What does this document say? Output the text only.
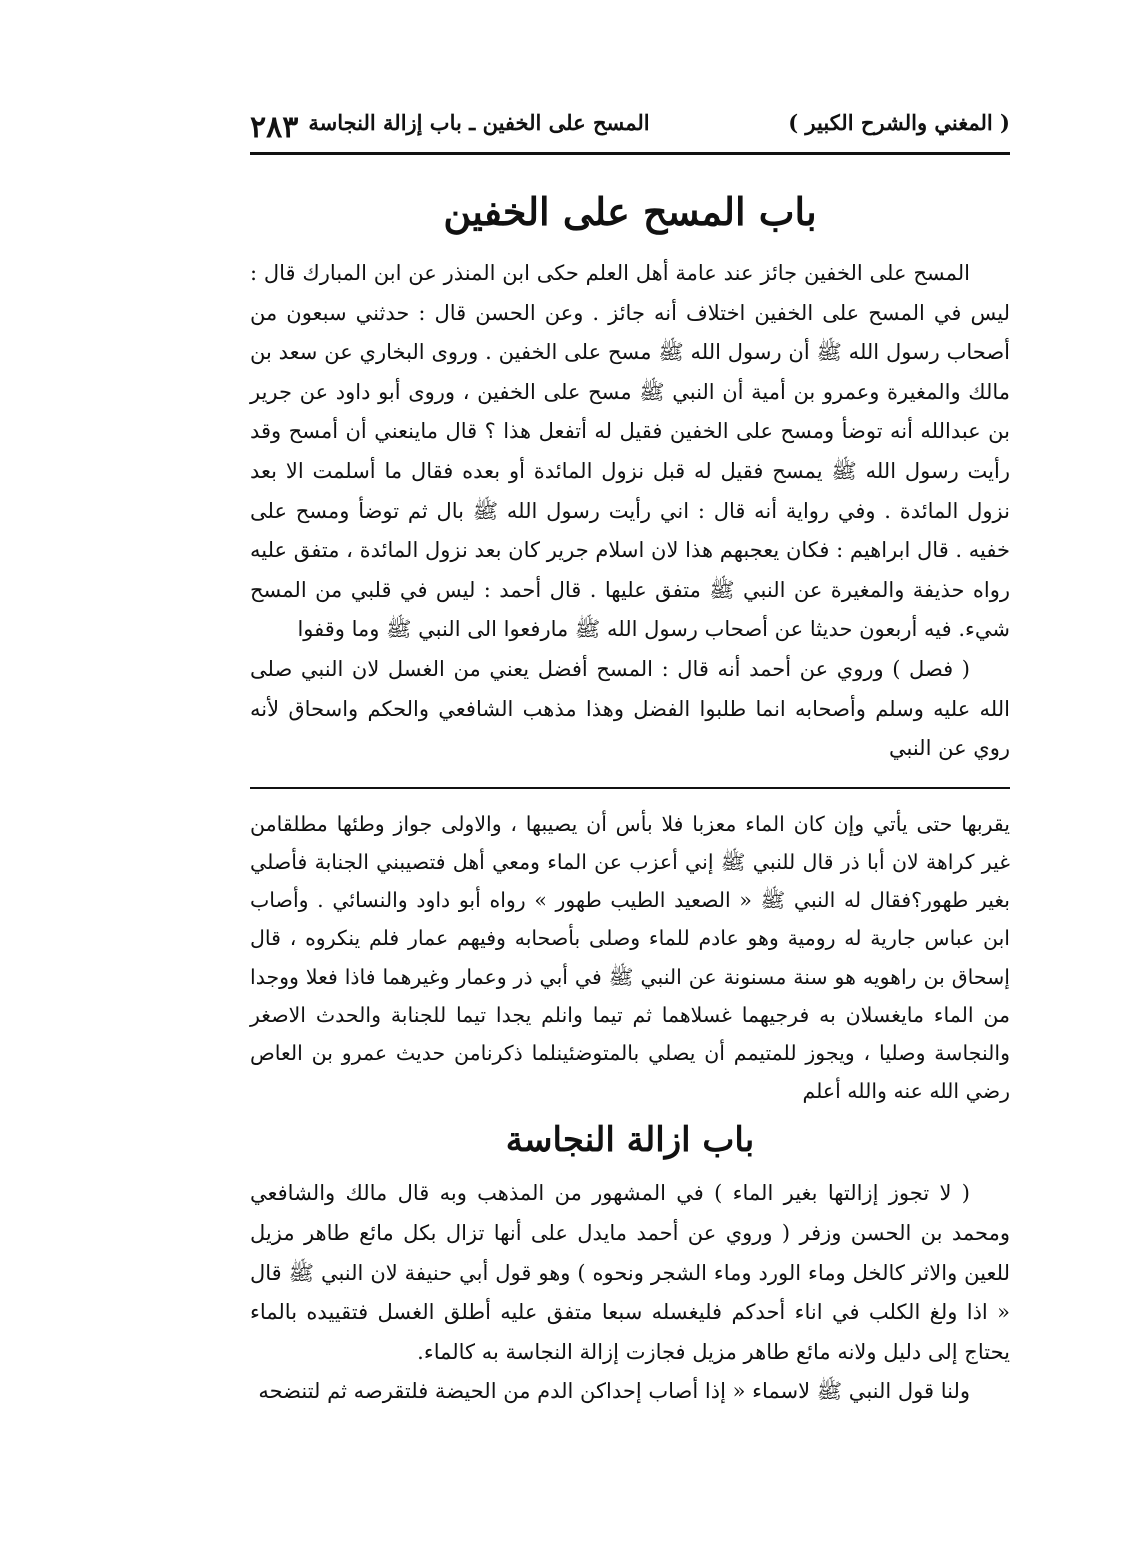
( المغني والشرح الكبير )
المسح على الخفين ـ باب إزالة النجاسة
٢٨٣
باب المسح على الخفين

المسح على الخفين جائز عند عامة أهل العلم حكى ابن المنذر عن ابن المبارك قال : ليس في المسح على الخفين اختلاف أنه جائز . وعن الحسن قال : حدثني سبعون من أصحاب رسول الله ﷺ أن رسول الله ﷺ مسح على الخفين . وروى البخاري عن سعد بن مالك والمغيرة وعمرو بن أمية أن النبي ﷺ مسح على الخفين ، وروى أبو داود عن جرير بن عبدالله أنه توضأ ومسح على الخفين فقيل له أتفعل هذا ؟ قال ماينعني أن أمسح وقد رأيت رسول الله ﷺ يمسح فقيل له قبل نزول المائدة أو بعده فقال ما أسلمت الا بعد نزول المائدة . وفي رواية أنه قال : اني رأيت رسول الله ﷺ بال ثم توضأ ومسح على خفيه . قال ابراهيم : فكان يعجبهم هذا لان اسلام جرير كان بعد نزول المائدة ، متفق عليه رواه حذيفة والمغيرة عن النبي ﷺ متفق عليها . قال أحمد : ليس في قلبي من المسح شيء. فيه أربعون حديثا عن أصحاب رسول الله ﷺ مارفعوا الى النبي ﷺ وما وقفوا

( فصل ) وروي عن أحمد أنه قال : المسح أفضل يعني من الغسل لان النبي صلى الله عليه وسلم وأصحابه انما طلبوا الفضل وهذا مذهب الشافعي والحكم واسحاق لأنه روي عن النبي

يقربها حتى يأتي وإن كان الماء معزبا فلا بأس أن يصيبها ، والاولى جواز وطئها مطلقامن غير كراهة لان أبا ذر قال للنبي ﷺ إني أعزب عن الماء ومعي أهل فتصيبني الجنابة فأصلي بغير طهور؟فقال له النبي ﷺ « الصعيد الطيب طهور » رواه أبو داود والنسائي . وأصاب ابن عباس جارية له رومية وهو عادم للماء وصلى بأصحابه وفيهم عمار فلم ينكروه ، قال إسحاق بن راهويه هو سنة مسنونة عن النبي ﷺ في أبي ذر وعمار وغيرهما فاذا فعلا ووجدا من الماء مايغسلان به فرجيهما غسلاهما ثم تيما وانلم يجدا تيما للجنابة والحدث الاصغر والنجاسة وصليا ، ويجوز للمتيمم أن يصلي بالمتوضئينلما ذكرنامن حديث عمرو بن العاص رضي الله عنه والله أعلم

باب ازالة النجاسة

( لا تجوز إزالتها بغير الماء ) في المشهور من المذهب وبه قال مالك والشافعي ومحمد بن الحسن وزفر ( وروي عن أحمد مايدل على أنها تزال بكل مائع طاهر مزيل للعين والاثر كالخل وماء الورد وماء الشجر ونحوه ) وهو قول أبي حنيفة لان النبي ﷺ قال « اذا ولغ الكلب في اناء أحدكم فليغسله سبعا متفق عليه أطلق الغسل فتقييده بالماء يحتاج إلى دليل ولانه مائع طاهر مزيل فجازت إزالة النجاسة به كالماء.

ولنا قول النبي ﷺ لاسماء « إذا أصاب إحداكن الدم من الحيضة فلتقرصه ثم لتنضحه
